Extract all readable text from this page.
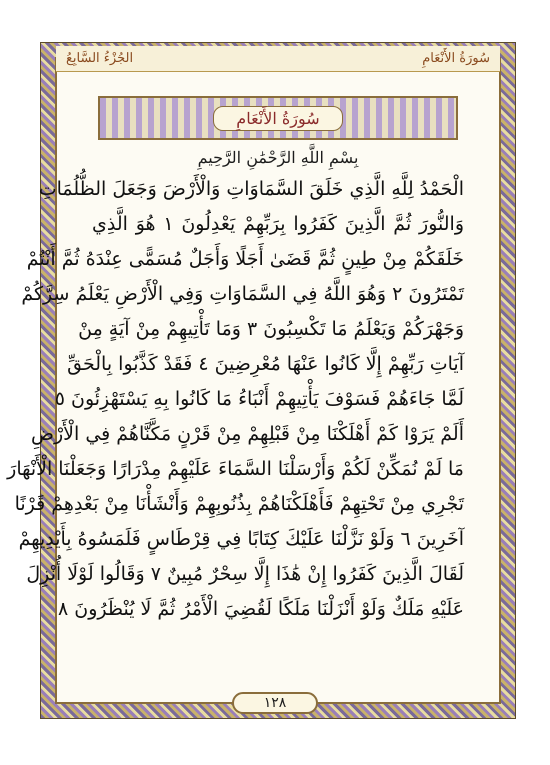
الجُزْءُ السَّابِعُ	سُورَةُ الأَنْعَامِ
سُورَةُ الأَنْعَامِ
بِسْمِ اللَّهِ الرَّحْمَٰنِ الرَّحِيمِ
الْحَمْدُ لِلَّهِ الَّذِي خَلَقَ السَّمَاوَاتِ وَالْأَرْضَ وَجَعَلَ الظُّلُمَاتِ
وَالنُّورَ ثُمَّ الَّذِينَ كَفَرُوا بِرَبِّهِمْ يَعْدِلُونَ ١ هُوَ الَّذِي
خَلَقَكُمْ مِنْ طِينٍ ثُمَّ قَضَىٰ أَجَلًا وَأَجَلٌ مُسَمًّى عِنْدَهُ ثُمَّ أَنْتُمْ
تَمْتَرُونَ ٢ وَهُوَ اللَّهُ فِي السَّمَاوَاتِ وَفِي الْأَرْضِ يَعْلَمُ سِرَّكُمْ
وَجَهْرَكُمْ وَيَعْلَمُ مَا تَكْسِبُونَ ٣ وَمَا تَأْتِيهِمْ مِنْ آيَةٍ مِنْ
آيَاتِ رَبِّهِمْ إِلَّا كَانُوا عَنْهَا مُعْرِضِينَ ٤ فَقَدْ كَذَّبُوا بِالْحَقِّ
لَمَّا جَاءَهُمْ فَسَوْفَ يَأْتِيهِمْ أَنْبَاءُ مَا كَانُوا بِهِ يَسْتَهْزِئُونَ ٥
أَلَمْ يَرَوْا كَمْ أَهْلَكْنَا مِنْ قَبْلِهِمْ مِنْ قَرْنٍ مَكَّنَّاهُمْ فِي الْأَرْضِ
مَا لَمْ نُمَكِّنْ لَكُمْ وَأَرْسَلْنَا السَّمَاءَ عَلَيْهِمْ مِدْرَارًا وَجَعَلْنَا الْأَنْهَارَ
تَجْرِي مِنْ تَحْتِهِمْ فَأَهْلَكْنَاهُمْ بِذُنُوبِهِمْ وَأَنْشَأْنَا مِنْ بَعْدِهِمْ قَرْنًا
آخَرِينَ ٦ وَلَوْ نَزَّلْنَا عَلَيْكَ كِتَابًا فِي قِرْطَاسٍ فَلَمَسُوهُ بِأَيْدِيهِمْ
لَقَالَ الَّذِينَ كَفَرُوا إِنْ هَٰذَا إِلَّا سِحْرٌ مُبِينٌ ٧ وَقَالُوا لَوْلَا أُنْزِلَ
عَلَيْهِ مَلَكٌ وَلَوْ أَنْزَلْنَا مَلَكًا لَقُضِيَ الْأَمْرُ ثُمَّ لَا يُنْظَرُونَ ٨
١٢٨
